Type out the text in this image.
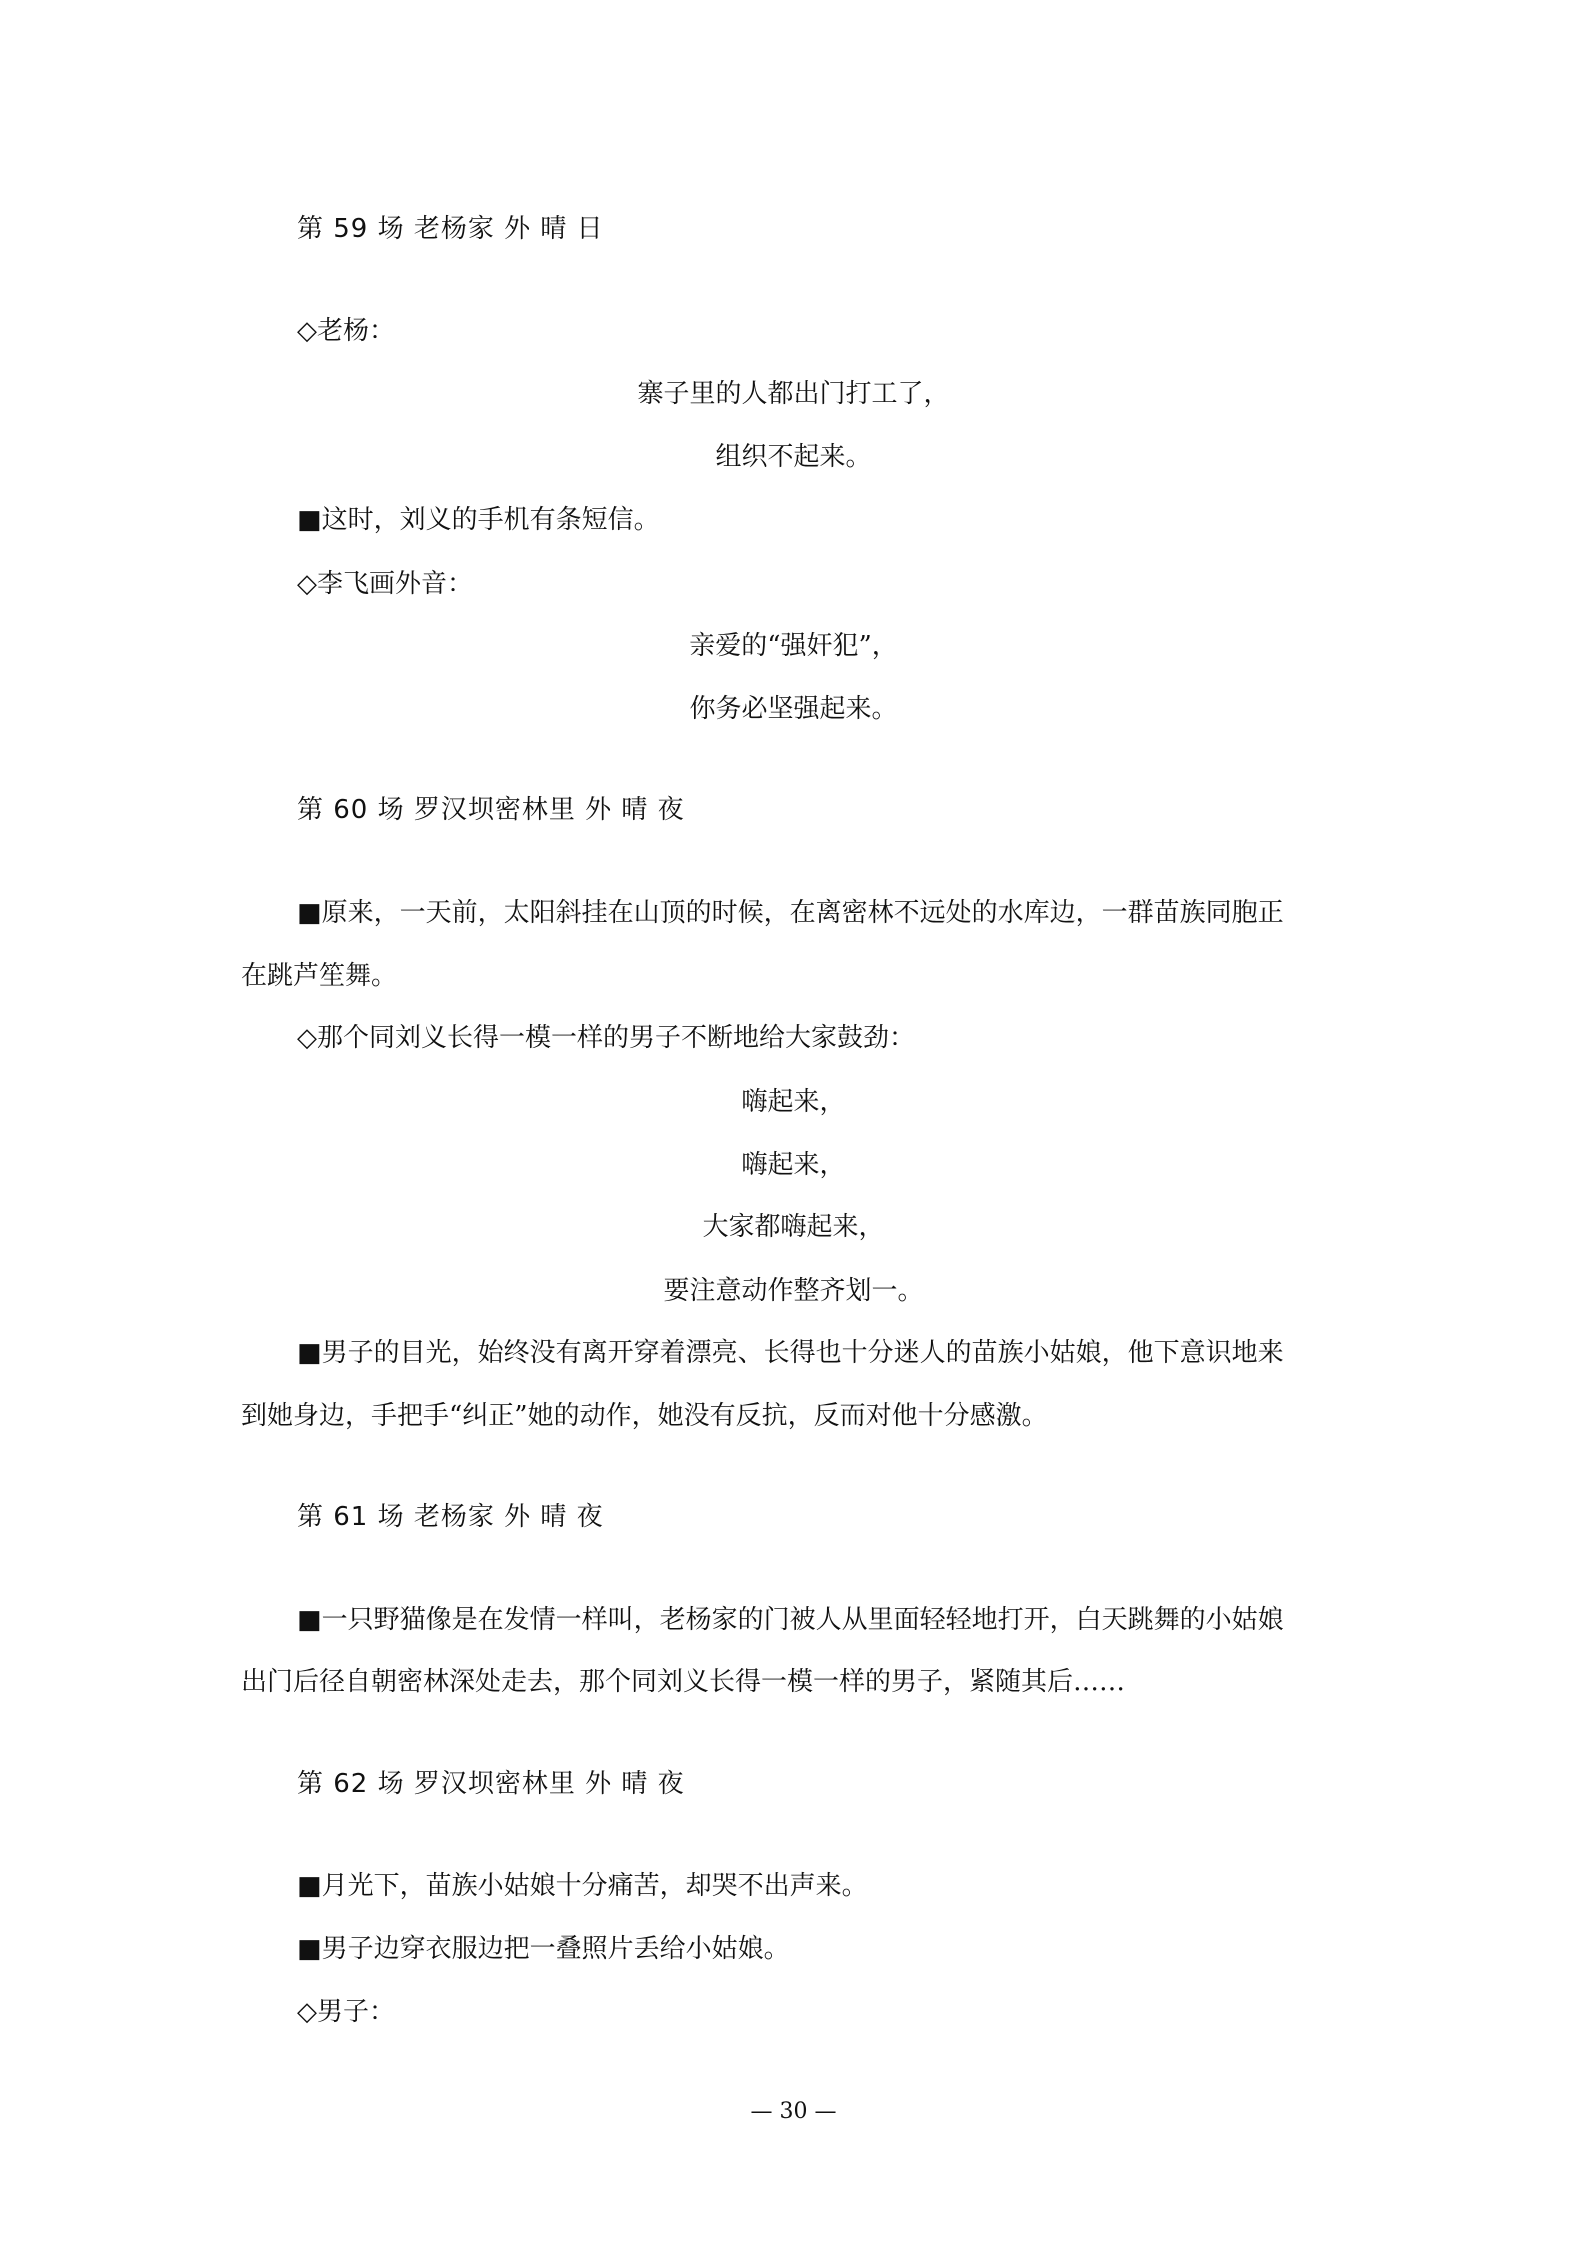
第 59 场 老杨家 外 晴 日
◇老杨：
寨子里的人都出门打工了，
组织不起来。
■这时，刘义的手机有条短信。
◇李飞画外音：
亲爱的“强奸犯”，
你务必坚强起来。
第 60 场 罗汉坝密林里 外 晴 夜
■原来，一天前，太阳斜挂在山顶的时候，在离密林不远处的水库边，一群苗族同胞正
在跳芦笙舞。
◇那个同刘义长得一模一样的男子不断地给大家鼓劲：
嗨起来，
嗨起来，
大家都嗨起来，
要注意动作整齐划一。
■男子的目光，始终没有离开穿着漂亮、长得也十分迷人的苗族小姑娘，他下意识地来
到她身边，手把手“纠正”她的动作，她没有反抗，反而对他十分感激。
第 61 场 老杨家 外 晴 夜
■一只野猫像是在发情一样叫，老杨家的门被人从里面轻轻地打开，白天跳舞的小姑娘
出门后径自朝密林深处走去，那个同刘义长得一模一样的男子，紧随其后……
第 62 场 罗汉坝密林里 外 晴 夜
■月光下，苗族小姑娘十分痛苦，却哭不出声来。
■男子边穿衣服边把一叠照片丢给小姑娘。
◇男子：
— 30 —
